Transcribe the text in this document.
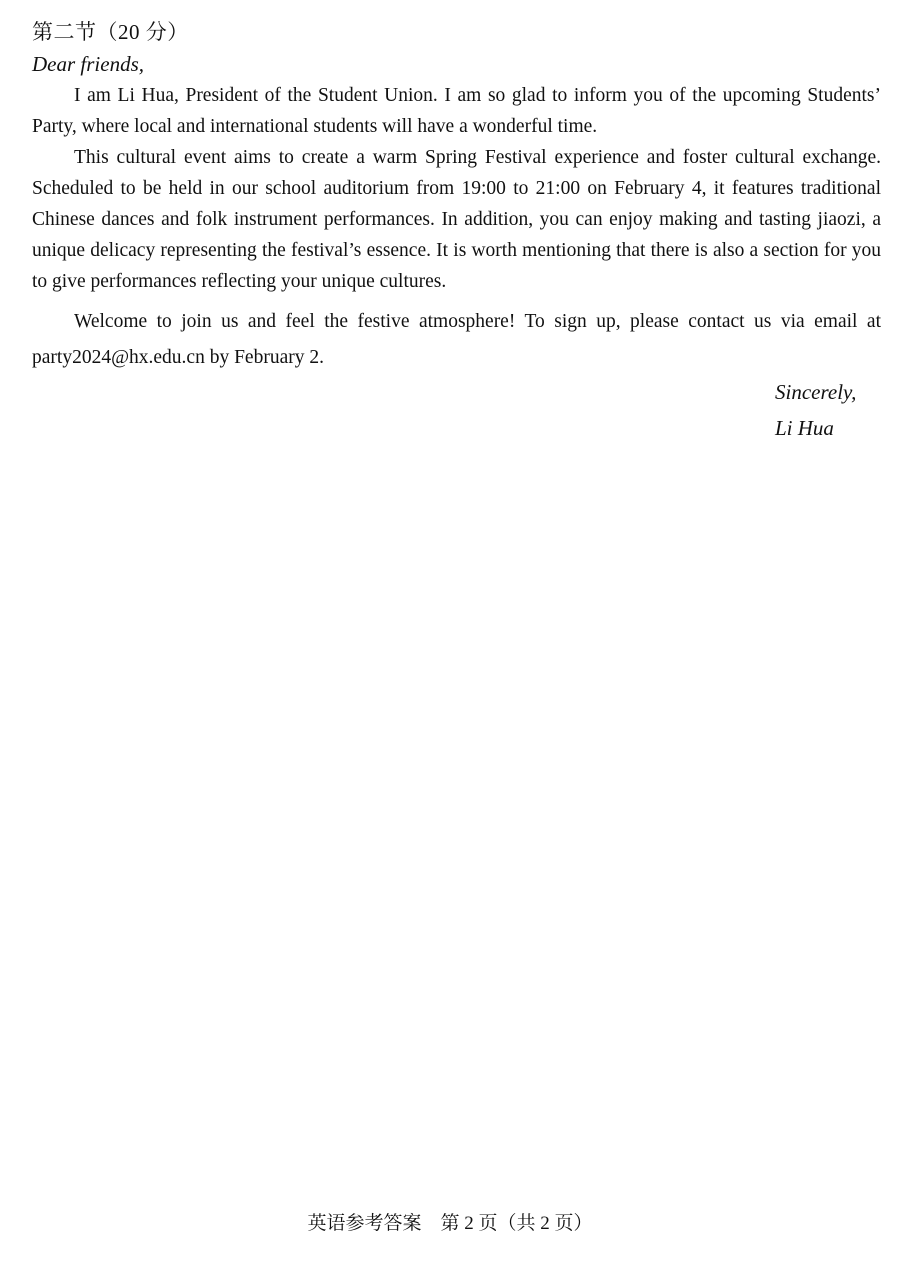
第二节（20 分）
Dear friends,

I am Li Hua, President of the Student Union. I am so glad to inform you of the upcoming Students’ Party, where local and international students will have a wonderful time.

This cultural event aims to create a warm Spring Festival experience and foster cultural exchange. Scheduled to be held in our school auditorium from 19:00 to 21:00 on February 4, it features traditional Chinese dances and folk instrument performances. In addition, you can enjoy making and tasting jiaozi, a unique delicacy representing the festival’s essence. It is worth mentioning that there is also a section for you to give performances reflecting your unique cultures.

Welcome to join us and feel the festive atmosphere! To sign up, please contact us via email at party2024@hx.edu.cn by February 2.

Sincerely,
Li Hua
英语参考答案　第 2 页（共 2 页）
